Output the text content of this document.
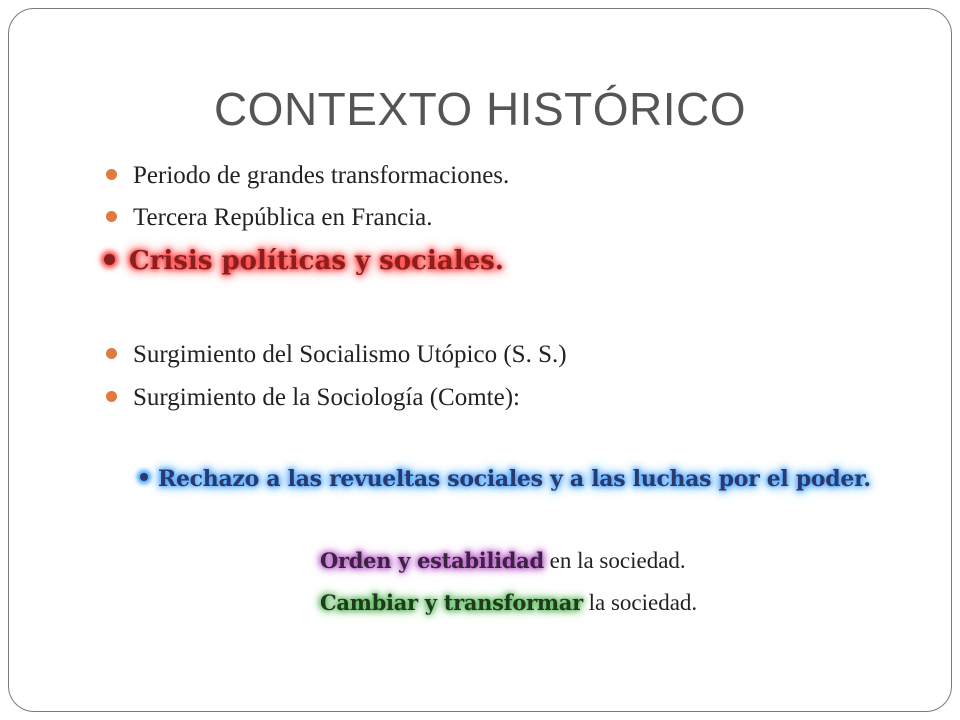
CONTEXTO HISTÓRICO
Periodo de grandes transformaciones.
Tercera República en Francia.
Crisis políticas y sociales.
Surgimiento del Socialismo Utópico (S. S.)
Surgimiento de la Sociología (Comte):
Rechazo a las revueltas sociales y a las luchas por el poder.
Orden y estabilidad en la sociedad.
Cambiar y transformar la sociedad.
